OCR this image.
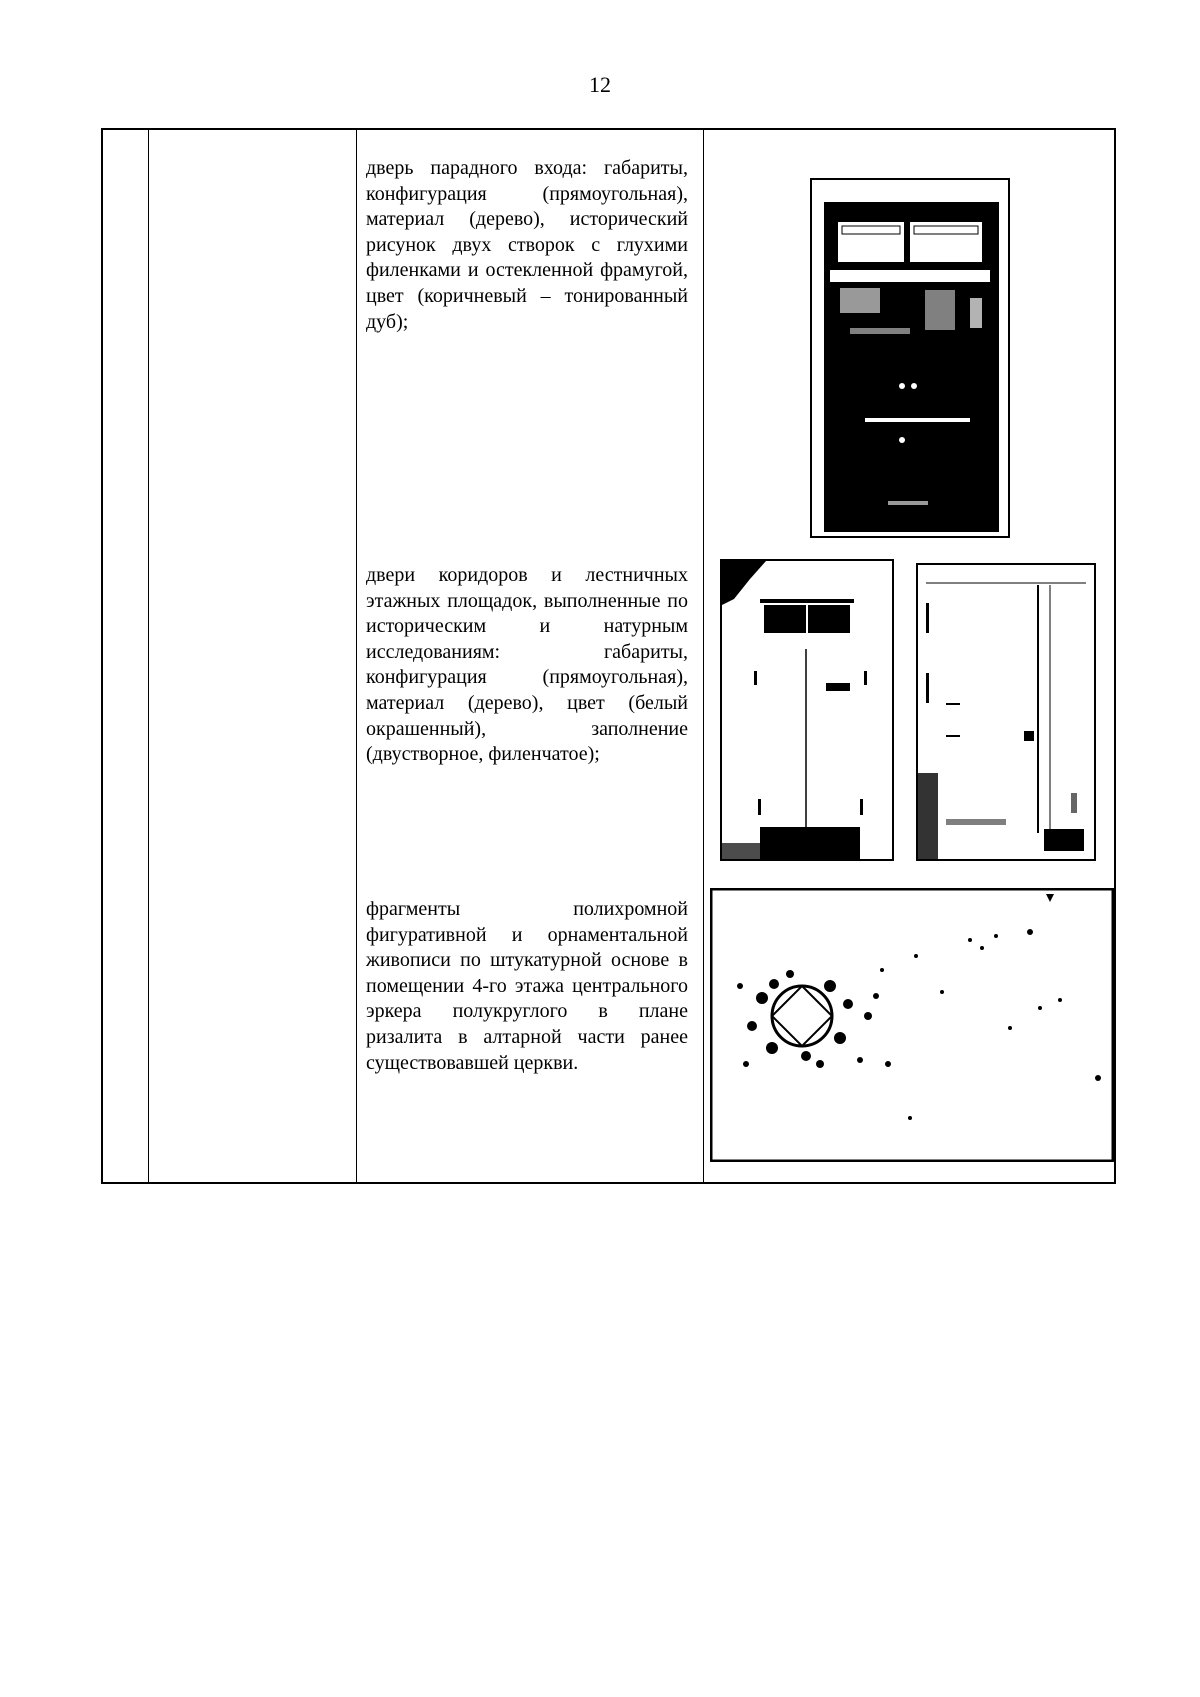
12
дверь парадного входа: габариты, конфигурация (прямоугольная), материал (дерево), исторический рисунок двух створок с глухими филенками и остекленной фрамугой, цвет (коричневый – тонированный дуб);
двери коридоров и лестничных этажных площадок, выполненные по историческим и натурным исследованиям: габариты, конфигурация (прямоугольная), материал (дерево), цвет (белый окрашенный), заполнение (двустворное, филенчатое);
фрагменты полихромной фигуративной и орнаментальной живописи по штукатурной основе в помещении 4-го этажа центрального эркера полукруглого в плане ризалита в алтарной части ранее существовавшей церкви.
